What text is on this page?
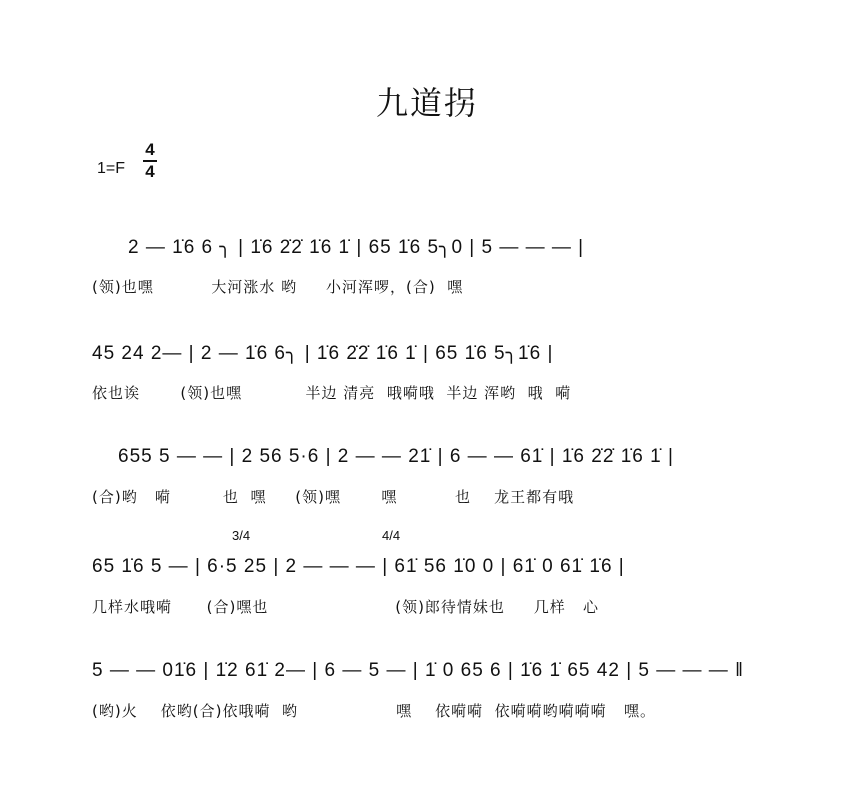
九道拐
1=F
4
4
2 — 1̇6 6 ╮ | 1̇6 2̇2̇ 1̇6 1̇ | 65 1̇6 5╮0 | 5 — — — |
(领)也嘿          大河涨水 哟     小河浑啰，(合)  嘿
45 24 2— | 2 — 1̇6 6╮ | 1̇6 2̇2̇ 1̇6 1̇ | 65 1̇6 5╮1̇6 |
依也诶       (领)也嘿           半边 清亮  哦嗬哦  半边 浑哟  哦  嗬
655 5 — — | 2 56 5·6 | 2 — — 21̇ | 6 — — 61̇ | 1̇6 2̇2̇ 1̇6 1̇ |
(合)哟   嗬         也  嘿     (领)嘿       嘿          也    龙王都有哦
65 1̇6 5 — | 6·5 25 | 2 — — — | 61̇ 56 1̇0 0 | 61̇ 0 61̇ 1̇6 |
几样水哦嗬      (合)嘿也                      (领)郎待情妹也     几样   心
3/4	4/4
5 — — 01̇6 | 1̇2 61̇ 2— | 6 — 5 — | 1̇ 0 65 6 | 1̇6 1̇ 65 42 | 5 — — — ‖
(哟)火    依哟(合)依哦嗬  哟                 嘿    依嗬嗬  依嗬嗬哟嗬嗬嗬   嘿。
